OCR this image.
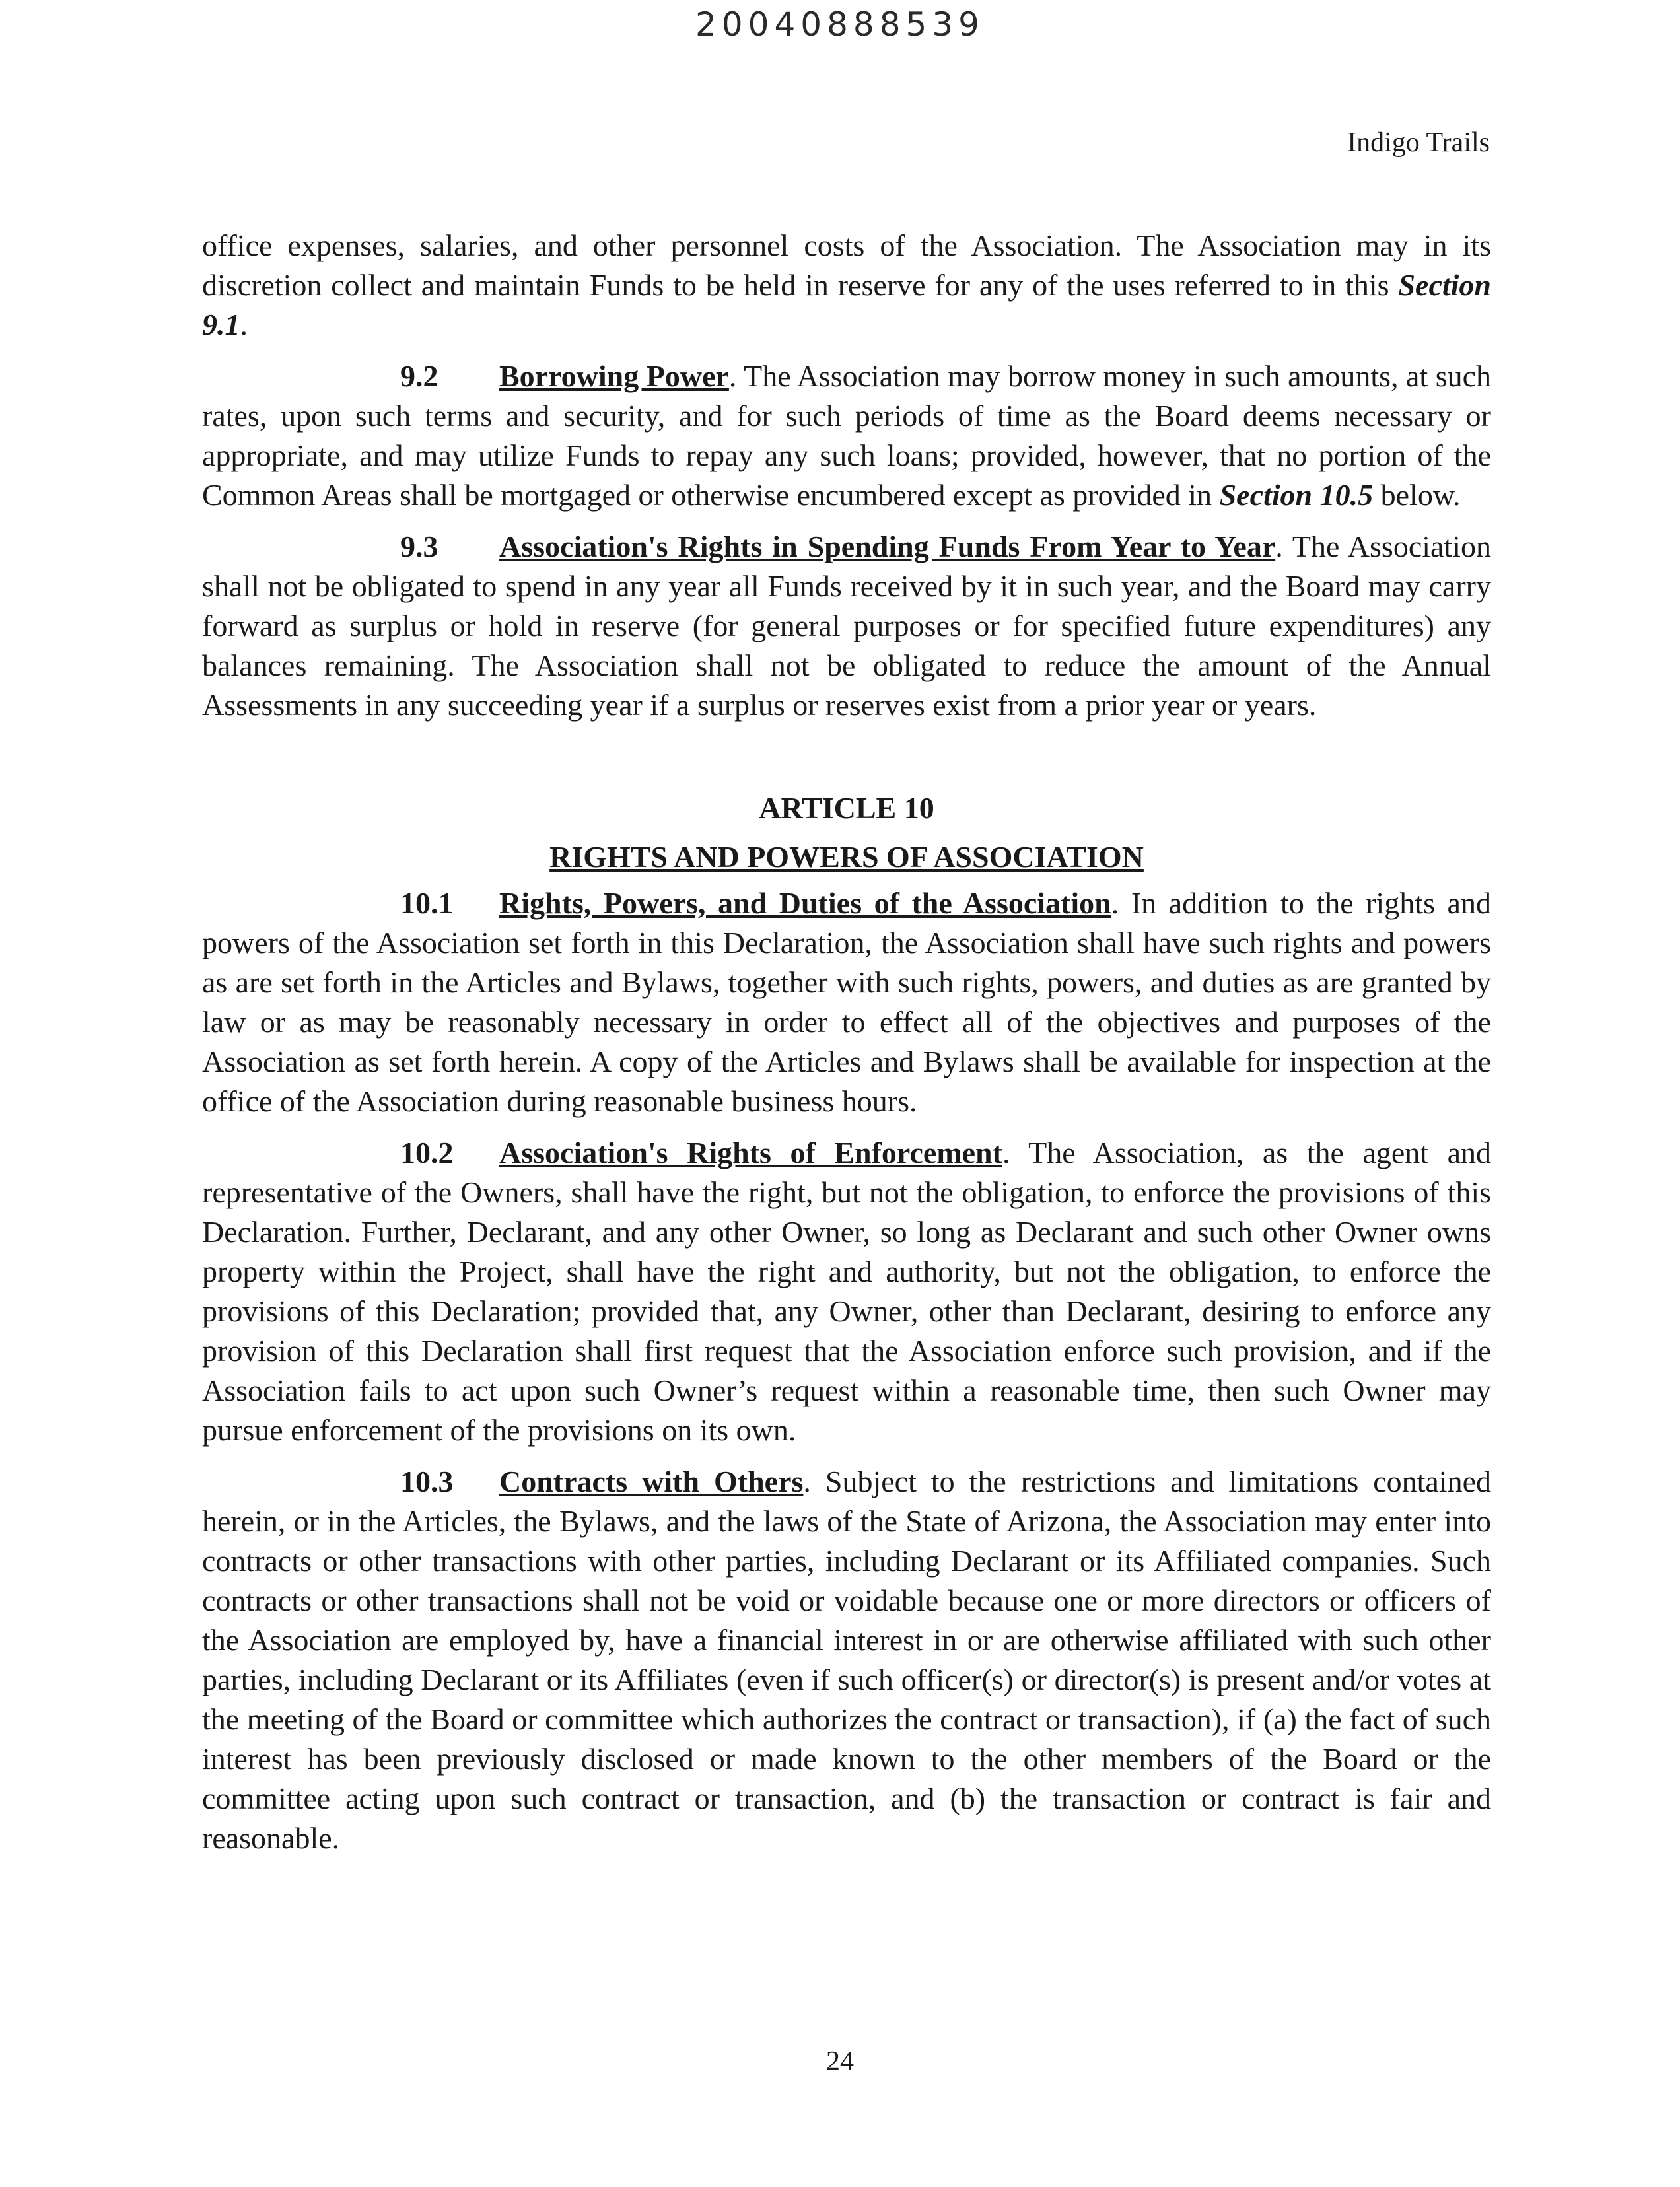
20040888539
Indigo Trails

office expenses, salaries, and other personnel costs of the Association. The Association may in its discretion collect and maintain Funds to be held in reserve for any of the uses referred to in this Section 9.1.

9.2 Borrowing Power. The Association may borrow money in such amounts, at such rates, upon such terms and security, and for such periods of time as the Board deems necessary or appropriate, and may utilize Funds to repay any such loans; provided, however, that no portion of the Common Areas shall be mortgaged or otherwise encumbered except as provided in Section 10.5 below.

9.3 Association's Rights in Spending Funds From Year to Year. The Association shall not be obligated to spend in any year all Funds received by it in such year, and the Board may carry forward as surplus or hold in reserve (for general purposes or for specified future expenditures) any balances remaining. The Association shall not be obligated to reduce the amount of the Annual Assessments in any succeeding year if a surplus or reserves exist from a prior year or years.

ARTICLE 10
RIGHTS AND POWERS OF ASSOCIATION

10.1 Rights, Powers, and Duties of the Association. In addition to the rights and powers of the Association set forth in this Declaration, the Association shall have such rights and powers as are set forth in the Articles and Bylaws, together with such rights, powers, and duties as are granted by law or as may be reasonably necessary in order to effect all of the objectives and purposes of the Association as set forth herein. A copy of the Articles and Bylaws shall be available for inspection at the office of the Association during reasonable business hours.

10.2 Association's Rights of Enforcement. The Association, as the agent and representative of the Owners, shall have the right, but not the obligation, to enforce the provisions of this Declaration. Further, Declarant, and any other Owner, so long as Declarant and such other Owner owns property within the Project, shall have the right and authority, but not the obligation, to enforce the provisions of this Declaration; provided that, any Owner, other than Declarant, desiring to enforce any provision of this Declaration shall first request that the Association enforce such provision, and if the Association fails to act upon such Owner’s request within a reasonable time, then such Owner may pursue enforcement of the provisions on its own.

10.3 Contracts with Others. Subject to the restrictions and limitations contained herein, or in the Articles, the Bylaws, and the laws of the State of Arizona, the Association may enter into contracts or other transactions with other parties, including Declarant or its Affiliated companies. Such contracts or other transactions shall not be void or voidable because one or more directors or officers of the Association are employed by, have a financial interest in or are otherwise affiliated with such other parties, including Declarant or its Affiliates (even if such officer(s) or director(s) is present and/or votes at the meeting of the Board or committee which authorizes the contract or transaction), if (a) the fact of such interest has been previously disclosed or made known to the other members of the Board or the committee acting upon such contract or transaction, and (b) the transaction or contract is fair and reasonable.

24
